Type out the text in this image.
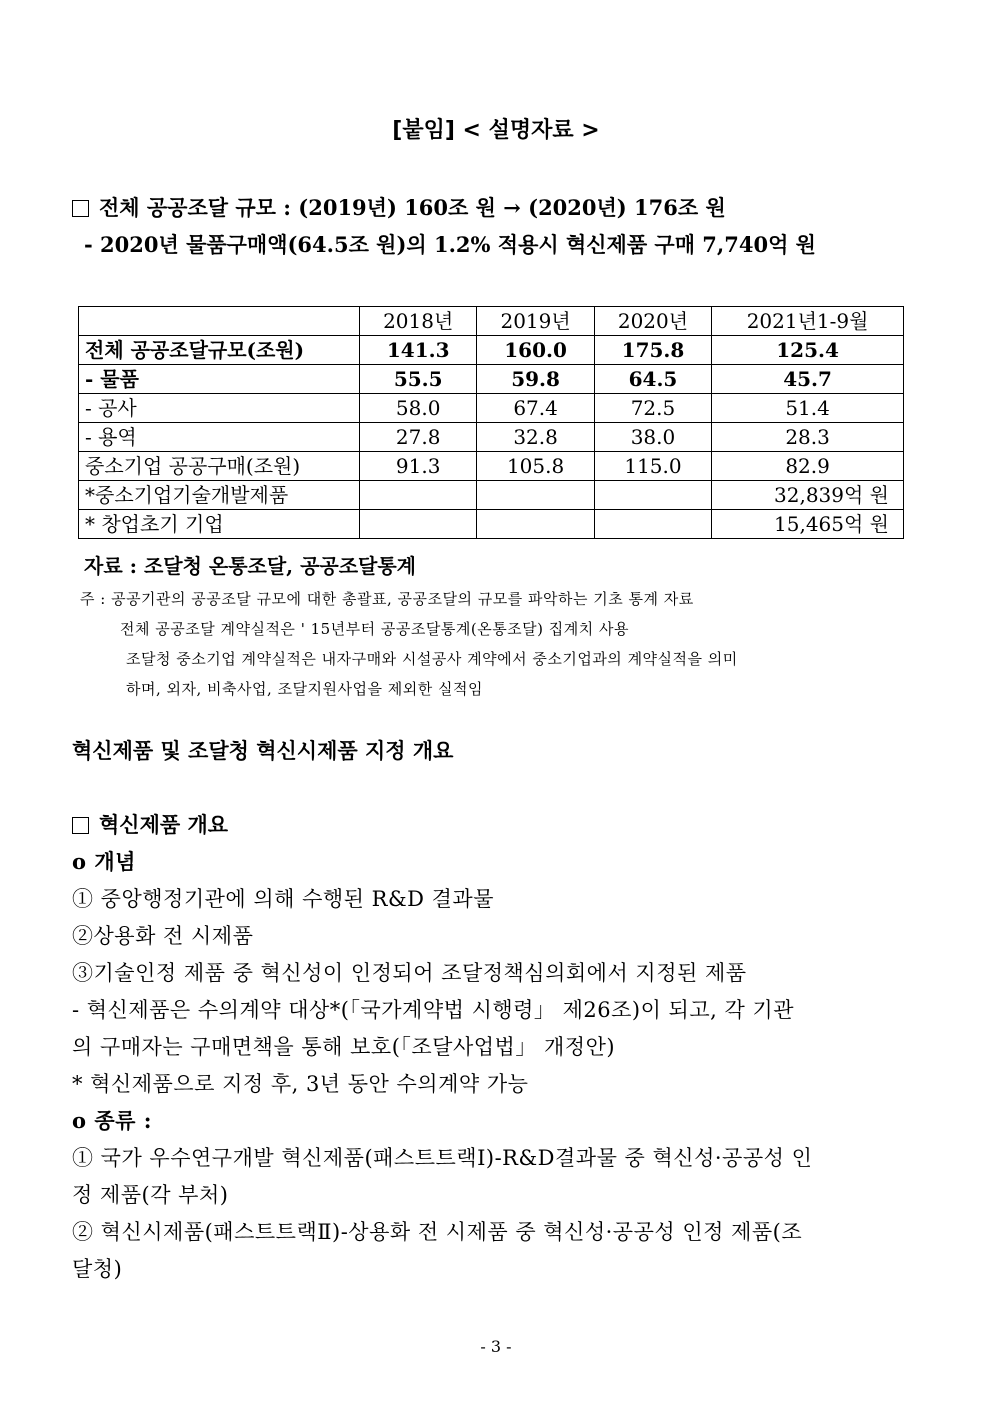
[붙임] < 설명자료 >
전체 공공조달 규모 : (2019년) 160조 원 → (2020년) 176조 원
- 2020년 물품구매액(64.5조 원)의 1.2% 적용시 혁신제품 구매 7,740억 원
	2018년	2019년	2020년	2021년1-9월
전체 공공조달규모(조원)	141.3	160.0	175.8	125.4
- 물품	55.5	59.8	64.5	45.7
- 공사	58.0	67.4	72.5	51.4
- 용역	27.8	32.8	38.0	28.3
중소기업 공공구매(조원)	91.3	105.8	115.0	82.9
*중소기업기술개발제품				32,839억 원
* 창업초기 기업				15,465억 원
자료 : 조달청 온통조달, 공공조달통계
주 : 공공기관의 공공조달 규모에 대한 총괄표, 공공조달의 규모를 파악하는 기초 통계 자료
전체 공공조달 계약실적은 ' 15년부터 공공조달통계(온통조달) 집계치 사용
조달청 중소기업 계약실적은 내자구매와 시설공사 계약에서 중소기업과의 계약실적을 의미
하며, 외자, 비축사업, 조달지원사업을 제외한 실적임
혁신제품 및 조달청 혁신시제품 지정 개요
혁신제품 개요
o 개념
① 중앙행정기관에 의해 수행된 R&D 결과물
②상용화 전 시제품
③기술인정 제품 중 혁신성이 인정되어 조달정책심의회에서 지정된 제품
- 혁신제품은 수의계약 대상*(「국가계약법 시행령」 제26조)이 되고, 각 기관
의 구매자는 구매면책을 통해 보호(「조달사업법」 개정안)
* 혁신제품으로 지정 후, 3년 동안 수의계약 가능
o 종류 :
① 국가 우수연구개발 혁신제품(패스트트랙Ⅰ)-R&D결과물 중 혁신성·공공성 인
정 제품(각 부처)
② 혁신시제품(패스트트랙Ⅱ)-상용화 전 시제품 중 혁신성·공공성 인정 제품(조
달청)
- 3 -
